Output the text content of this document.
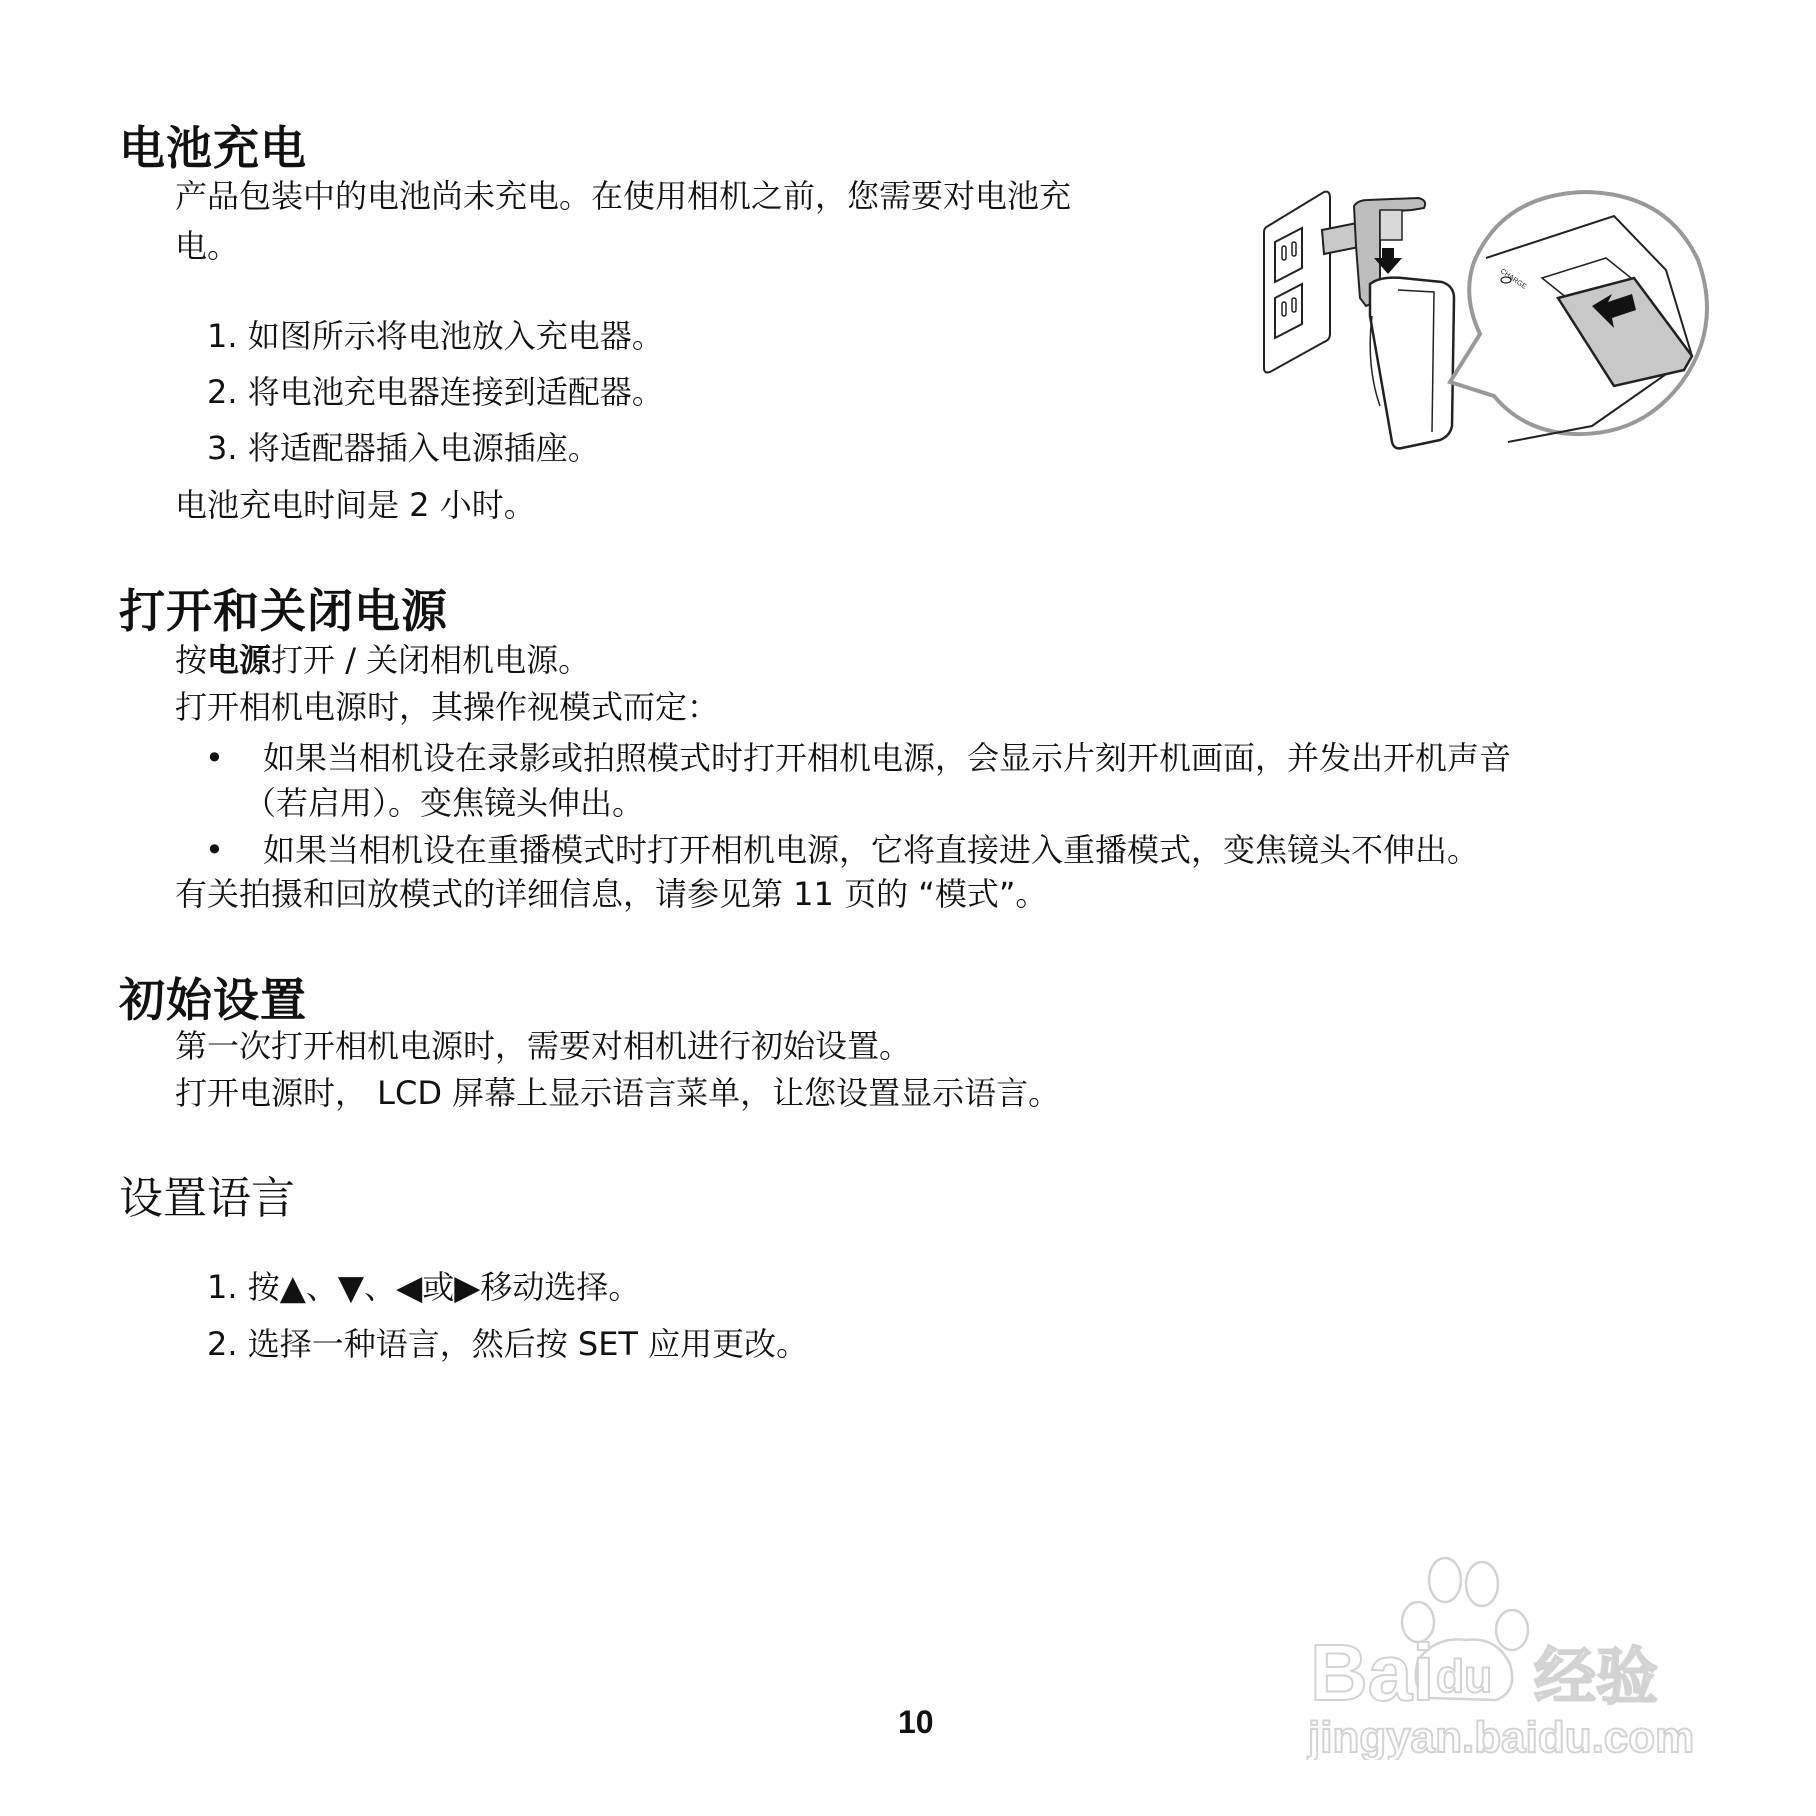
电池充电
产品包装中的电池尚未充电。在使用相机之前，您需要对电池充
电。
1. 如图所示将电池放入充电器。
2. 将电池充电器连接到适配器。
3. 将适配器插入电源插座。
电池充电时间是 2 小时。
CHARGE
打开和关闭电源
按电源打开 / 关闭相机电源。
打开相机电源时，其操作视模式而定：
• 如果当相机设在录影或拍照模式时打开相机电源，会显示片刻开机画面，并发出开机声音
（若启用）。变焦镜头伸出。
• 如果当相机设在重播模式时打开相机电源，它将直接进入重播模式，变焦镜头不伸出。
有关拍摄和回放模式的详细信息，请参见第 11 页的 “模式”。
初始设置
第一次打开相机电源时，需要对相机进行初始设置。
打开电源时， LCD 屏幕上显示语言菜单，让您设置显示语言。
设置语言
1. 按▲、▼、◀或▶移动选择。
2. 选择一种语言，然后按 SET 应用更改。
10
Bai du 经验
jingyan.baidu.com
